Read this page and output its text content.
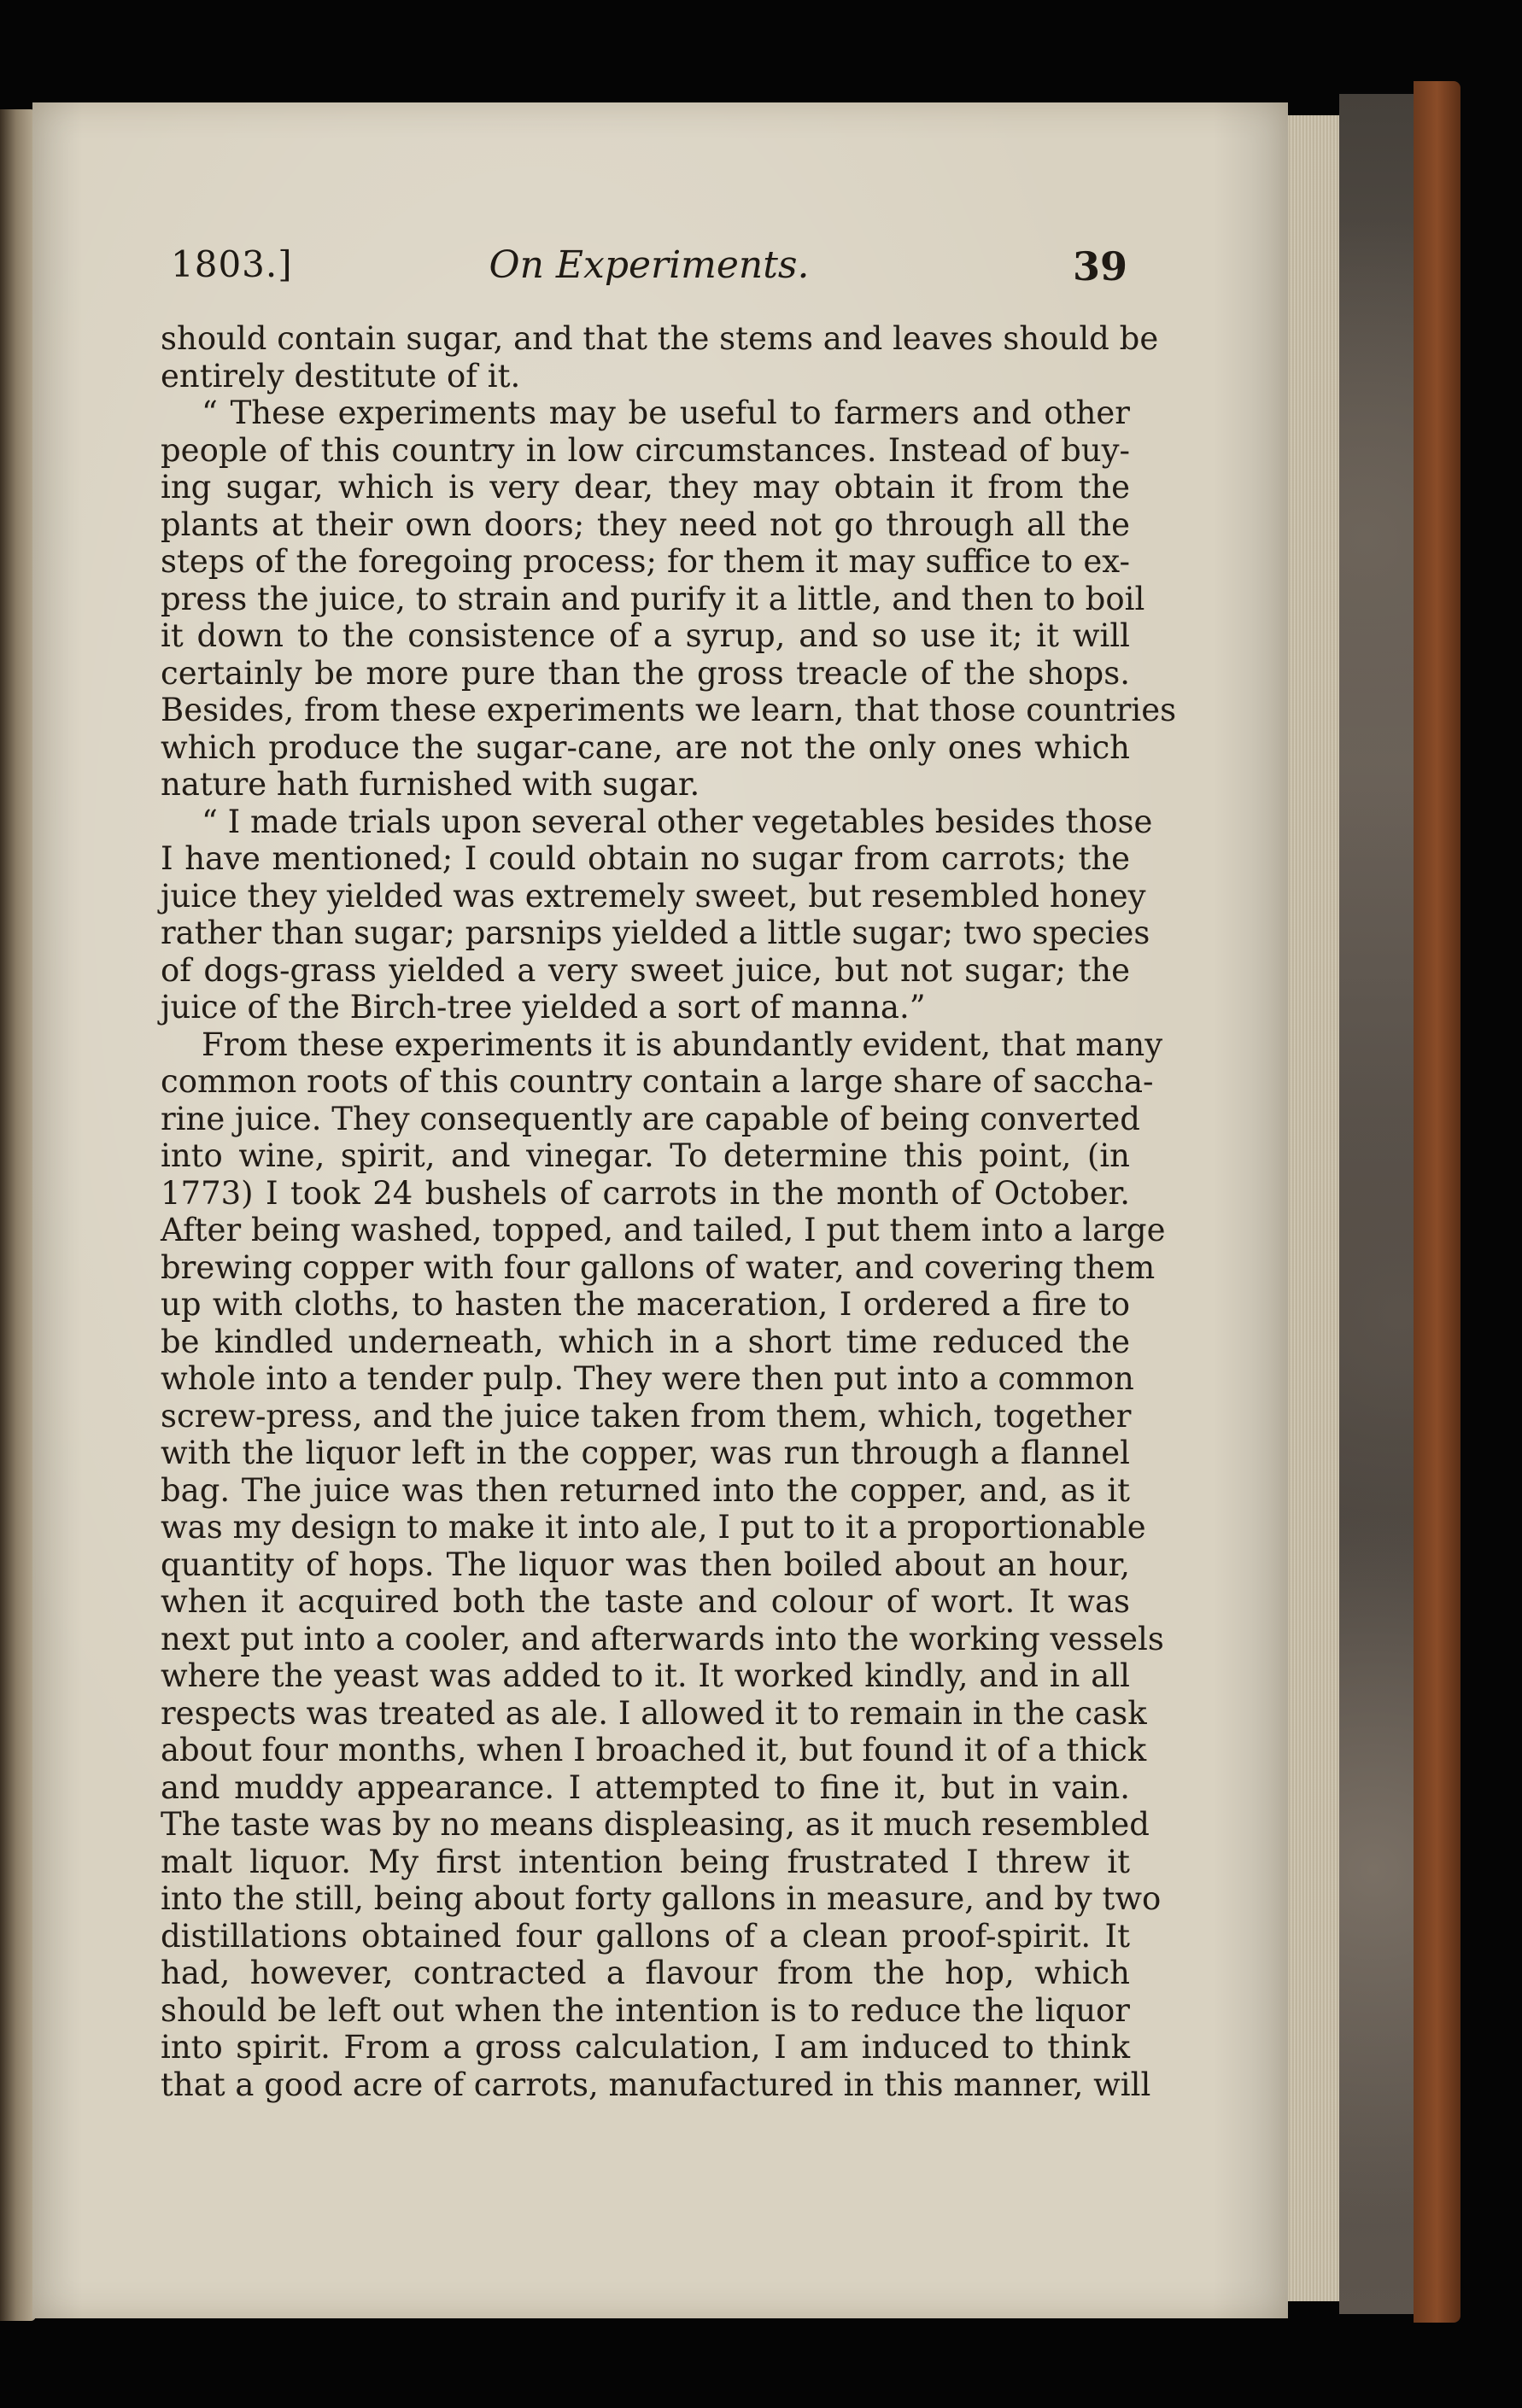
1803.]	On Experiments.	39
should contain sugar, and that the stems and leaves should be
entirely destitute of it.
“ These experiments may be useful to farmers and other
people of this country in low circumstances. Instead of buy-
ing sugar, which is very dear, they may obtain it from the
plants at their own doors; they need not go through all the
steps of the foregoing process; for them it may suffice to ex-
press the juice, to strain and purify it a little, and then to boil
it down to the consistence of a syrup, and so use it; it will
certainly be more pure than the gross treacle of the shops.
Besides, from these experiments we learn, that those countries
which produce the sugar-cane, are not the only ones which
nature hath furnished with sugar.
“ I made trials upon several other vegetables besides those
I have mentioned; I could obtain no sugar from carrots; the
juice they yielded was extremely sweet, but resembled honey
rather than sugar; parsnips yielded a little sugar; two species
of dogs-grass yielded a very sweet juice, but not sugar; the
juice of the Birch-tree yielded a sort of manna.”
From these experiments it is abundantly evident, that many
common roots of this country contain a large share of saccha-
rine juice. They consequently are capable of being converted
into wine, spirit, and vinegar. To determine this point, (in
1773) I took 24 bushels of carrots in the month of October.
After being washed, topped, and tailed, I put them into a large
brewing copper with four gallons of water, and covering them
up with cloths, to hasten the maceration, I ordered a fire to
be kindled underneath, which in a short time reduced the
whole into a tender pulp. They were then put into a common
screw-press, and the juice taken from them, which, together
with the liquor left in the copper, was run through a flannel
bag. The juice was then returned into the copper, and, as it
was my design to make it into ale, I put to it a proportionable
quantity of hops. The liquor was then boiled about an hour,
when it acquired both the taste and colour of wort. It was
next put into a cooler, and afterwards into the working vessels
where the yeast was added to it. It worked kindly, and in all
respects was treated as ale. I allowed it to remain in the cask
about four months, when I broached it, but found it of a thick
and muddy appearance. I attempted to fine it, but in vain.
The taste was by no means displeasing, as it much resembled
malt liquor. My first intention being frustrated I threw it
into the still, being about forty gallons in measure, and by two
distillations obtained four gallons of a clean proof-spirit. It
had, however, contracted a flavour from the hop, which
should be left out when the intention is to reduce the liquor
into spirit. From a gross calculation, I am induced to think
that a good acre of carrots, manufactured in this manner, will
